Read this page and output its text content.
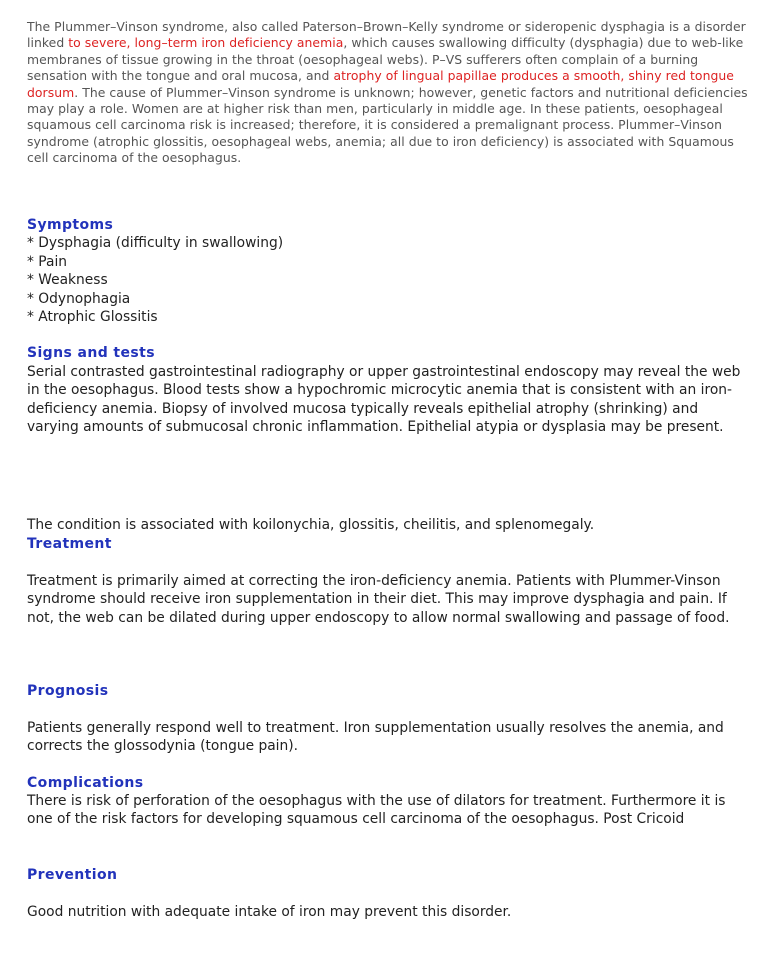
The Plummer–Vinson syndrome, also called Paterson–Brown–Kelly syndrome or sideropenic dysphagia is a disorder linked to severe, long–term iron deficiency anemia, which causes swallowing difficulty (dysphagia) due to web-like membranes of tissue growing in the throat (oesophageal webs). P–VS sufferers often complain of a burning sensation with the tongue and oral mucosa, and atrophy of lingual papillae produces a smooth, shiny red tongue dorsum. The cause of Plummer–Vinson syndrome is unknown; however, genetic factors and nutritional deficiencies may play a role. Women are at higher risk than men, particularly in middle age. In these patients, oesophageal squamous cell carcinoma risk is increased; therefore, it is considered a premalignant process. Plummer–Vinson syndrome (atrophic glossitis, oesophageal webs, anemia; all due to iron deficiency) is associated with Squamous cell carcinoma of the oesophagus.

Symptoms
* Dysphagia (difficulty in swallowing)
* Pain
* Weakness
* Odynophagia
* Atrophic Glossitis
Signs and tests

Serial contrasted gastrointestinal radiography or upper gastrointestinal endoscopy may reveal the web in the oesophagus. Blood tests show a hypochromic microcytic anemia that is consistent with an iron-deficiency anemia. Biopsy of involved mucosa typically reveals epithelial atrophy (shrinking) and varying amounts of submucosal chronic inflammation. Epithelial atypia or dysplasia may be present.

The condition is associated with koilonychia, glossitis, cheilitis, and splenomegaly.

Treatment

Treatment is primarily aimed at correcting the iron-deficiency anemia. Patients with Plummer-Vinson syndrome should receive iron supplementation in their diet. This may improve dysphagia and pain. If not, the web can be dilated during upper endoscopy to allow normal swallowing and passage of food.

Prognosis

Patients generally respond well to treatment. Iron supplementation usually resolves the anemia, and corrects the glossodynia (tongue pain).

Complications

There is risk of perforation of the oesophagus with the use of dilators for treatment. Furthermore it is one of the risk factors for developing squamous cell carcinoma of the oesophagus. Post Cricoid

Prevention

Good nutrition with adequate intake of iron may prevent this disorder.
